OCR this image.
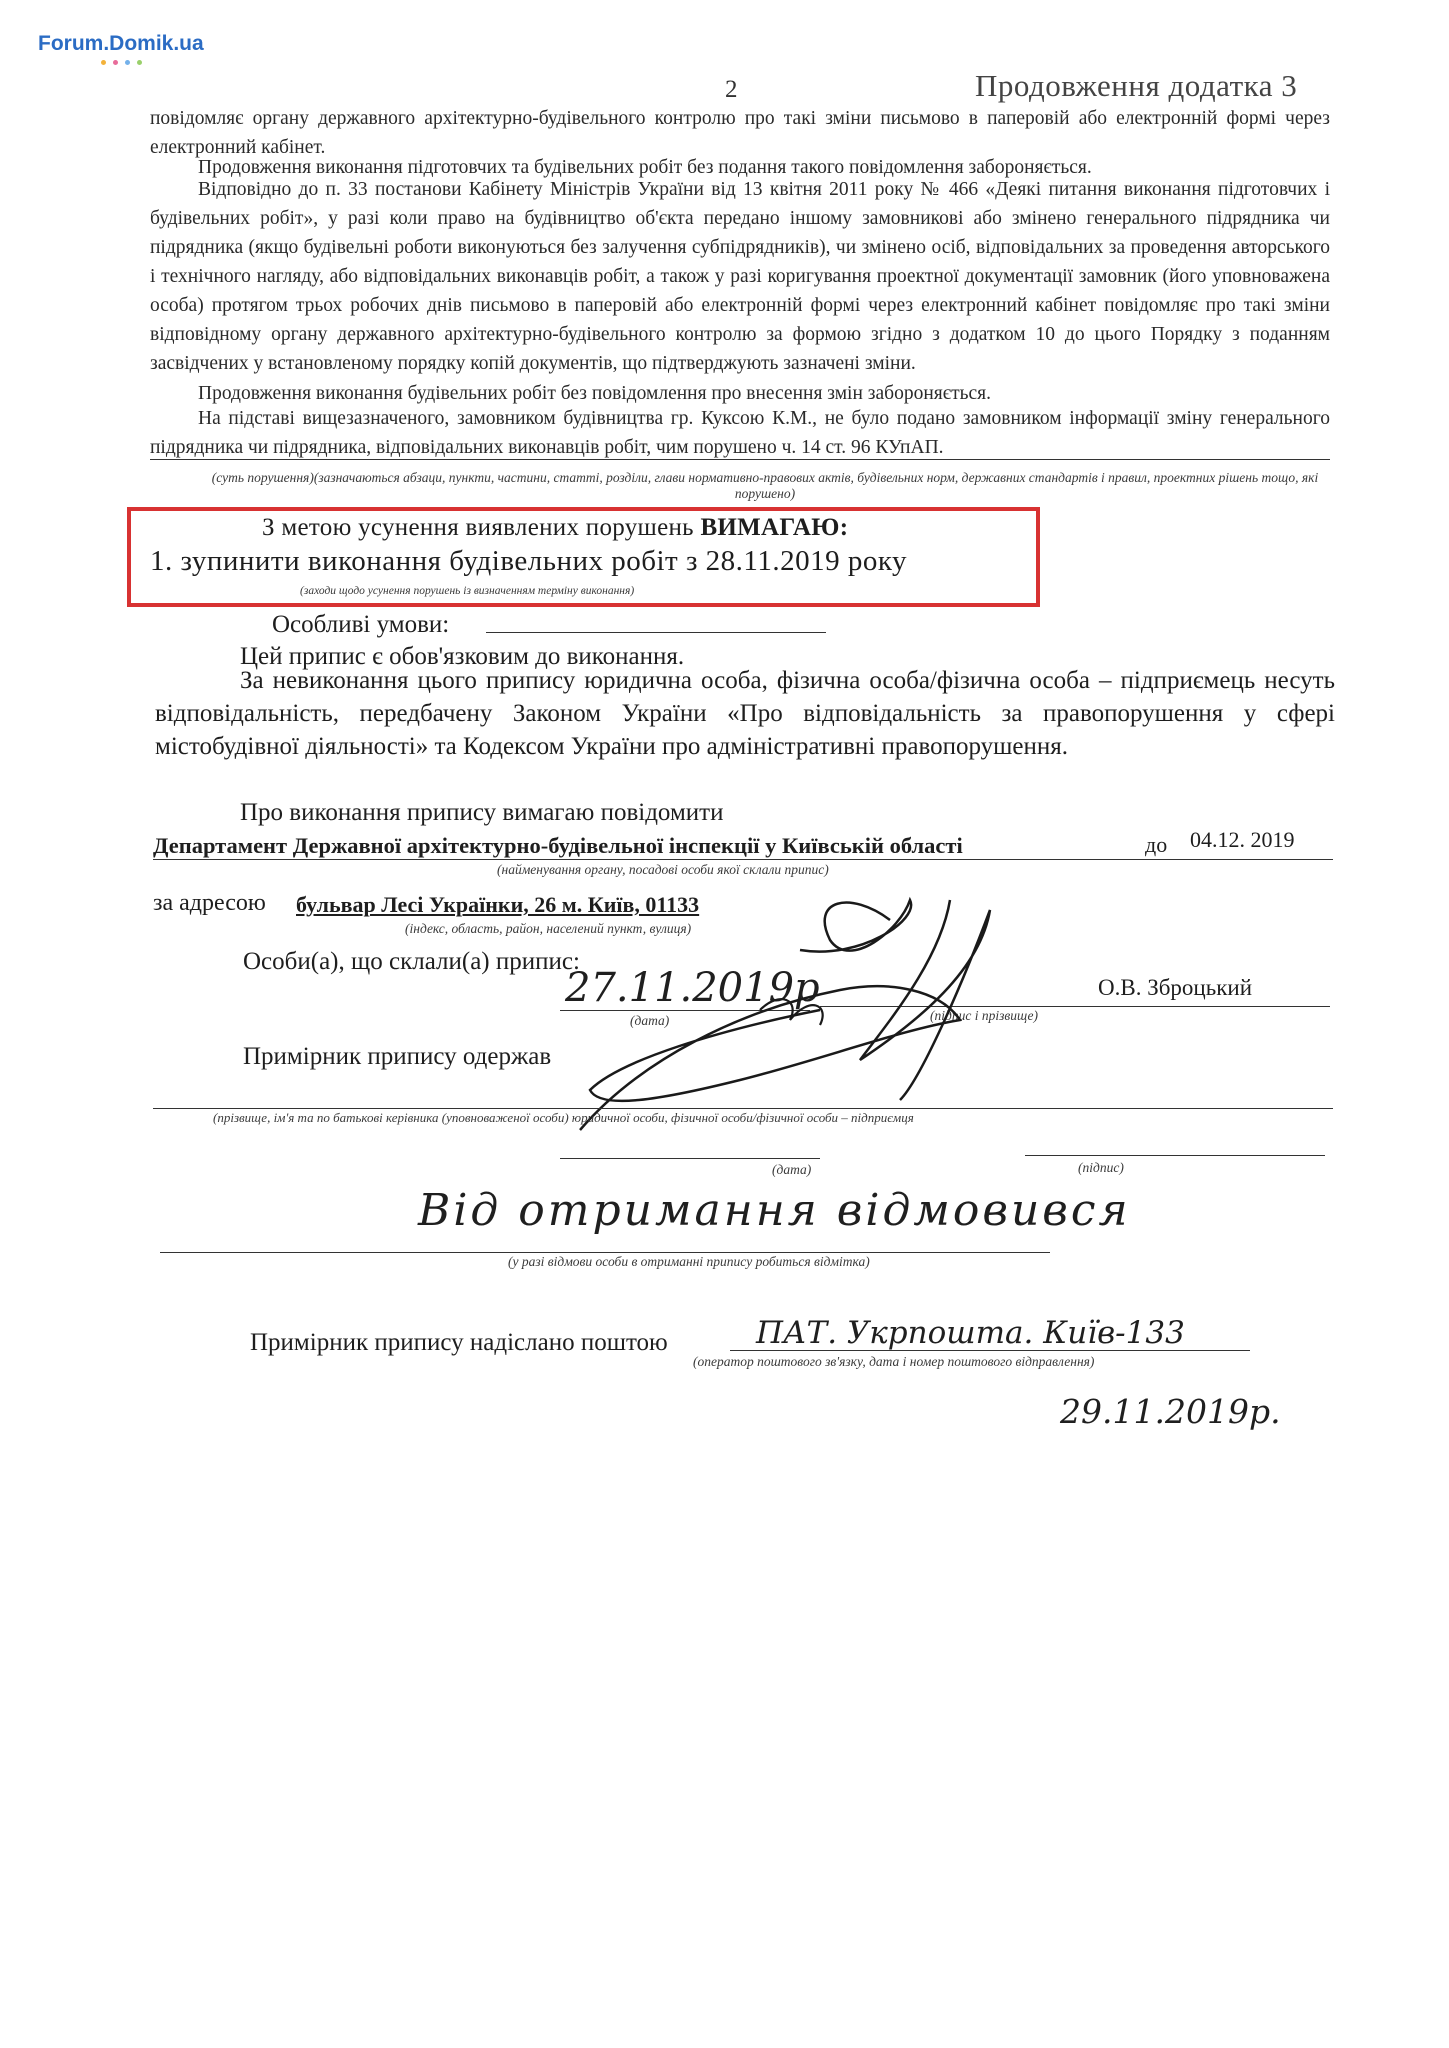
Forum.Domik.ua
2	Продовження додатка 3
повідомляє органу державного архітектурно-будівельного контролю про такі зміни письмово в паперовій або електронній формі через електронний кабінет.
Продовження виконання підготовчих та будівельних робіт без подання такого повідомлення забороняється.
Відповідно до п. 33 постанови Кабінету Міністрів України від 13 квітня 2011 року № 466 «Деякі питання виконання підготовчих і будівельних робіт», у разі коли право на будівництво об'єкта передано іншому замовникові або змінено генерального підрядника чи підрядника (якщо будівельні роботи виконуються без залучення субпідрядників), чи змінено осіб, відповідальних за проведення авторського і технічного нагляду, або відповідальних виконавців робіт, а також у разі коригування проектної документації замовник (його уповноважена особа) протягом трьох робочих днів письмово в паперовій або електронній формі через електронний кабінет повідомляє про такі зміни відповідному органу державного архітектурно-будівельного контролю за формою згідно з додатком 10 до цього Порядку з поданням засвідчених у встановленому порядку копій документів, що підтверджують зазначені зміни.
Продовження виконання будівельних робіт без повідомлення про внесення змін забороняється.
На підставі вищезазначеного, замовником будівництва гр. Куксою К.М., не було подано замовником інформації зміну генерального підрядника чи підрядника, відповідальних виконавців робіт, чим порушено ч. 14 ст. 96 КУпАП.
(суть порушення)(зазначаються абзаци, пункти, частини, статті, розділи, глави нормативно-правових актів, будівельних норм, державних стандартів і правил, проектних рішень тощо, які порушено)
З метою усунення виявлених порушень ВИМАГАЮ:
1. зупинити виконання будівельних робіт з 28.11.2019 року
(заходи щодо усунення порушень із визначенням терміну виконання)
Особливі умови:
Цей припис є обов'язковим до виконання.
За невиконання цього припису юридична особа, фізична особа/фізична особа – підприємець несуть відповідальність, передбачену Законом України «Про відповідальність за правопорушення у сфері містобудівної діяльності» та Кодексом України про адміністративні правопорушення.
Про виконання припису вимагаю повідомити
Департамент Державної архітектурно-будівельної інспекції у Київській області	до 04.12. 2019
(найменування органу, посадові особи якої склали припис)
за адресою бульвар Лесі Українки, 26 м. Київ, 01133
(індекс, область, район, населений пункт, вулиця)
Особи(а), що склали(а) припис:
27.11.2019р
(дата)	(підпис і прізвище)
О.В. Зброцький
Примірник припису одержав
(прізвище, ім'я та по батькові керівника (уповноваженої особи) юридичної особи, фізичної особи/фізичної особи – підприємця
(дата)	(підпис)
Від отримання відмовився
(у разі відмови особи в отриманні припису робиться відмітка)
Примірник припису надіслано поштою	ПАТ. Укрпошта. Київ-133
(оператор поштового зв'язку, дата і номер поштового відправлення)
29.11.2019р.
